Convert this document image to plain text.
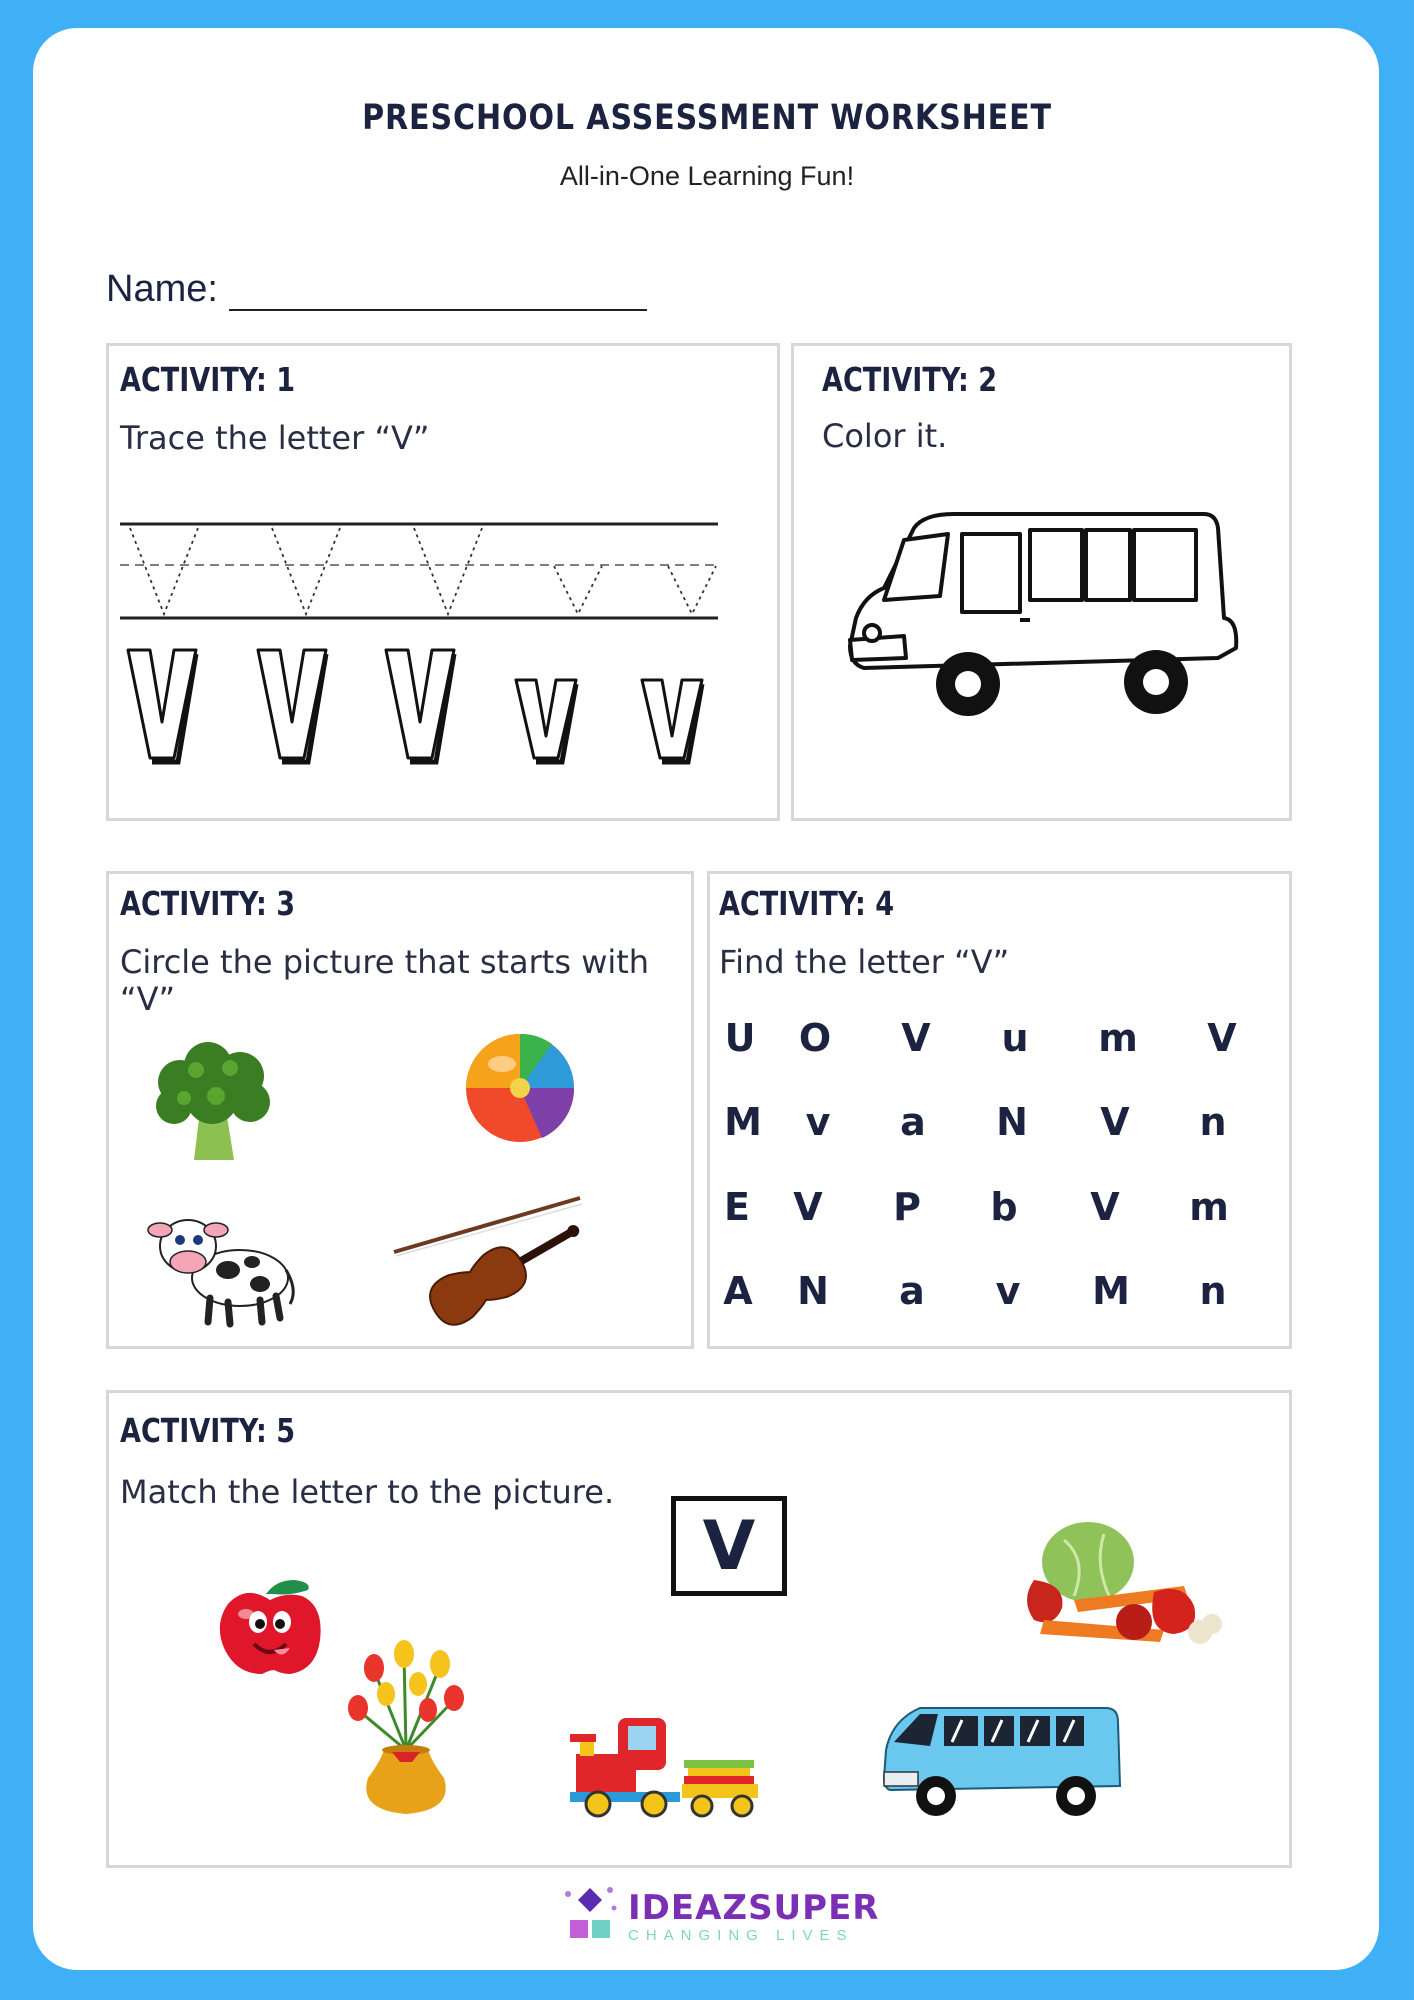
PRESCHOOL ASSESSMENT WORKSHEET
All-in-One Learning Fun!
Name:
ACTIVITY: 1
Trace the letter “V”
ACTIVITY: 2
Color it.
ACTIVITY: 3
Circle the picture that starts with “V”
ACTIVITY: 4
Find the letter “V”
U	O	V	u	m	V
M	v	a	N	V	n
E	V	P	b	V	m
A	N	a	v	M	n
ACTIVITY: 5
Match the letter to the picture.
V
IDEAZSUPER
CHANGING LIVES
